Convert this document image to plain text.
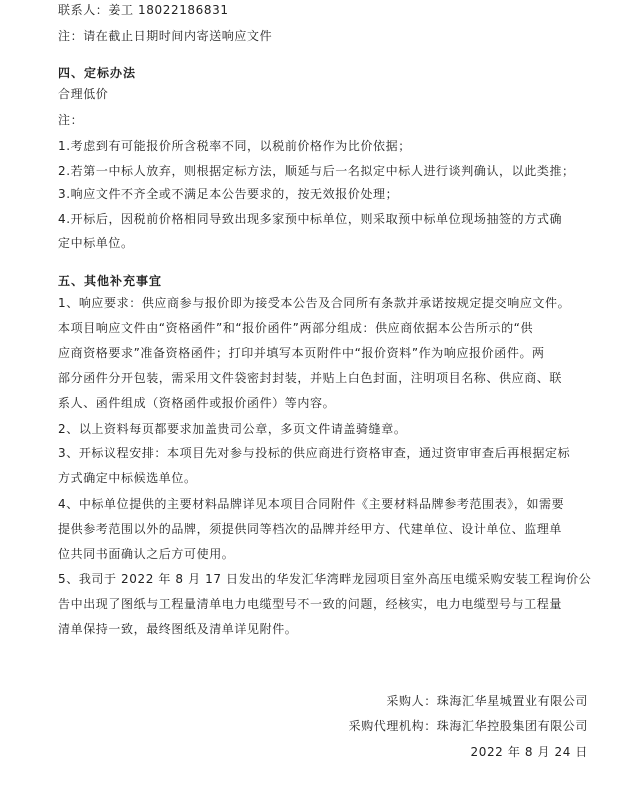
联系人：姜工 18022186831
注：请在截止日期时间内寄送响应文件
四、定标办法
合理低价
注：
1.考虑到有可能报价所含税率不同，以税前价格作为比价依据；
2.若第一中标人放弃，则根据定标方法，顺延与后一名拟定中标人进行谈判确认，以此类推；
3.响应文件不齐全或不满足本公告要求的，按无效报价处理；
4.开标后，因税前价格相同导致出现多家预中标单位，则采取预中标单位现场抽签的方式确
定中标单位。
五、其他补充事宜
1、响应要求：供应商参与报价即为接受本公告及合同所有条款并承诺按规定提交响应文件。
本项目响应文件由“资格函件”和“报价函件”两部分组成：供应商依据本公告所示的“供
应商资格要求”准备资格函件；打印并填写本页附件中“报价资料”作为响应报价函件。两
部分函件分开包装，需采用文件袋密封封装，并贴上白色封面，注明项目名称、供应商、联
系人、函件组成（资格函件或报价函件）等内容。
2、以上资料每页都要求加盖贵司公章，多页文件请盖骑缝章。
3、开标议程安排：本项目先对参与投标的供应商进行资格审查，通过资审审查后再根据定标
方式确定中标候选单位。
4、中标单位提供的主要材料品牌详见本项目合同附件《主要材料品牌参考范围表》，如需要
提供参考范围以外的品牌，须提供同等档次的品牌并经甲方、代建单位、设计单位、监理单
位共同书面确认之后方可使用。
5、我司于 2022 年 8 月 17 日发出的华发汇华湾畔龙园项目室外高压电缆采购安装工程询价公
告中出现了图纸与工程量清单电力电缆型号不一致的问题，经核实，电力电缆型号与工程量
清单保持一致，最终图纸及清单详见附件。
采购人：珠海汇华星城置业有限公司
采购代理机构：珠海汇华控股集团有限公司
2022 年 8 月 24 日
